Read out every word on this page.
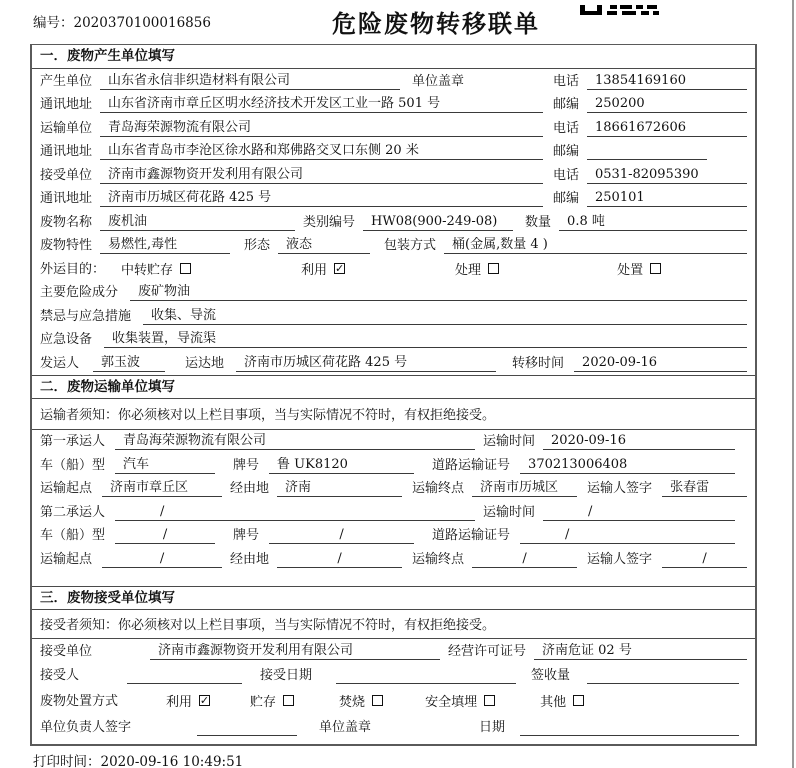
编号：2020370100016856	危险废物转移联单
一．废物产生单位填写
产生单位	山东省永信非织造材料有限公司	单位盖章	电话	13854169160
通讯地址	山东省济南市章丘区明水经济技术开发区工业一路 501 号	邮编	250200
运输单位	青岛海荣源物流有限公司	电话	18661672606
通讯地址	山东省青岛市李沧区徐水路和郑佛路交叉口东侧 20 米	邮编
接受单位	济南市鑫源物资开发利用有限公司	电话	0531-82095390
通讯地址	济南市历城区荷花路 425 号	邮编	250101
废物名称	废机油	类别编号	HW08(900-249-08)	数量	0.8 吨
废物特性	易燃性,毒性	形态	液态	包装方式	桶(金属,数量 4 )
外运目的： 中转贮存	利用 ✓	处理	处置
主要危险成分	废矿物油
禁忌与应急措施	收集、导流
应急设备	收集装置，导流渠
发运人	郭玉波	运达地	济南市历城区荷花路 425 号	转移时间	2020-09-16
二．废物运输单位填写
运输者须知： 你必须核对以上栏目事项，当与实际情况不符时，有权拒绝接受。
第一承运人	青岛海荣源物流有限公司	运输时间	2020-09-16
车（船）型	汽车	牌号	鲁 UK8120	道路运输证号	370213006408
运输起点	济南市章丘区	经由地	济南	运输终点	济南市历城区	运输人签字	张春雷
第二承运人	/	运输时间	/
车（船）型	/	牌号	/	道路运输证号	/
运输起点	/	经由地	/	运输终点	/	运输人签字	/
三．废物接受单位填写
接受者须知： 你必须核对以上栏目事项，当与实际情况不符时，有权拒绝接受。
接受单位	济南市鑫源物资开发利用有限公司	经营许可证号	济南危证 02 号
接受人	接受日期	签收量
废物处置方式	利用 ✓	贮存	焚烧	安全填埋	其他
单位负责人签字	单位盖章	日期
打印时间：2020-09-16 10:49:51
